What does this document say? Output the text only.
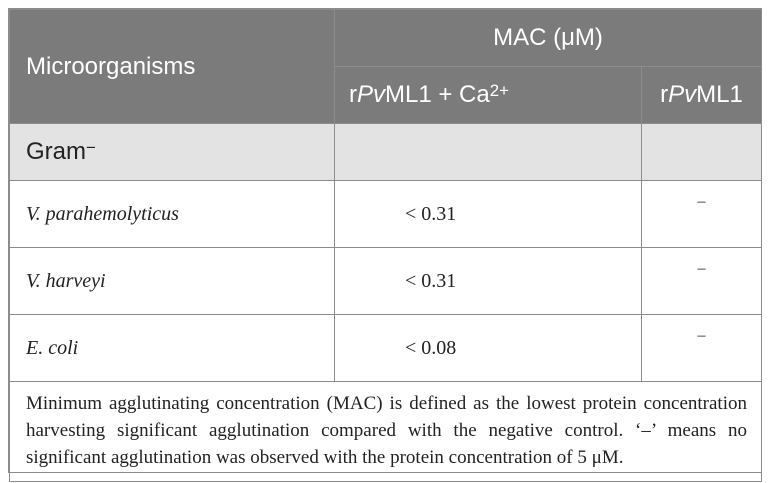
Microorganisms	MAC (μM)	
	rPvML1 + $Ca^{2+}$	rPvML1
Gram−		
V. parahemolyticus	< 0.31	–
V. harveyi	< 0.31	–
E. coli	< 0.08	–
Minimum agglutinating concentration (MAC) is defined as the lowest protein concentration harvesting significant agglutination compared with the negative control. ‘–’ means no significant agglutination was observed with the protein concentration of 5 μM.		
